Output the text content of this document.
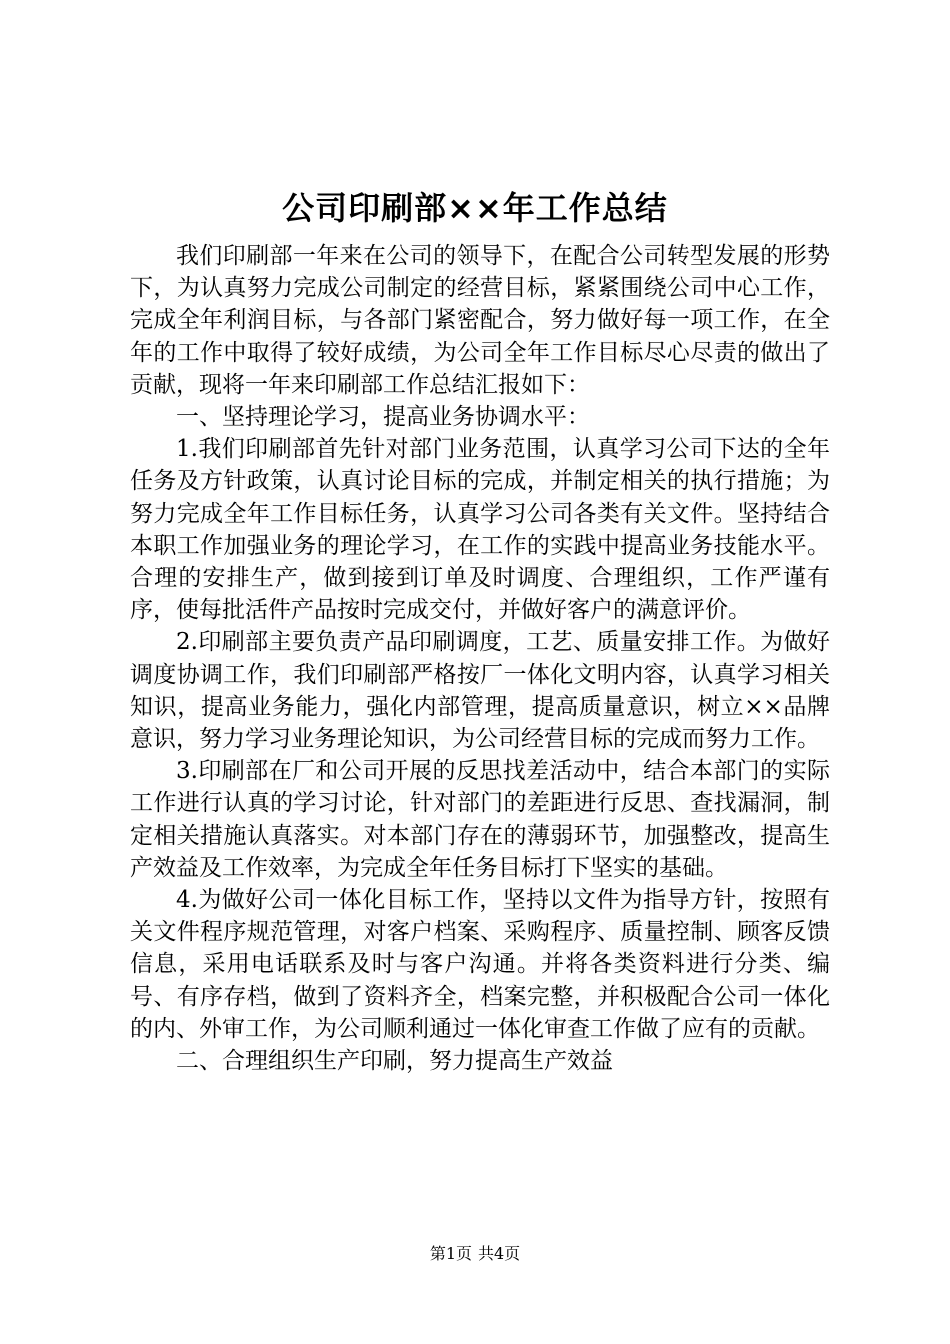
公司印刷部××年工作总结

我们印刷部一年来在公司的领导下，在配合公司转型发展的形势下，为认真努力完成公司制定的经营目标，紧紧围绕公司中心工作，完成全年利润目标，与各部门紧密配合，努力做好每一项工作，在全年的工作中取得了较好成绩，为公司全年工作目标尽心尽责的做出了贡献，现将一年来印刷部工作总结汇报如下：

一、坚持理论学习，提高业务协调水平：

1.我们印刷部首先针对部门业务范围，认真学习公司下达的全年任务及方针政策，认真讨论目标的完成，并制定相关的执行措施；为努力完成全年工作目标任务，认真学习公司各类有关文件。坚持结合本职工作加强业务的理论学习，在工作的实践中提高业务技能水平。合理的安排生产，做到接到订单及时调度、合理组织，工作严谨有序，使每批活件产品按时完成交付，并做好客户的满意评价。

2.印刷部主要负责产品印刷调度，工艺、质量安排工作。为做好调度协调工作，我们印刷部严格按厂一体化文明内容，认真学习相关知识，提高业务能力，强化内部管理，提高质量意识，树立××品牌意识，努力学习业务理论知识，为公司经营目标的完成而努力工作。

3.印刷部在厂和公司开展的反思找差活动中，结合本部门的实际工作进行认真的学习讨论，针对部门的差距进行反思、查找漏洞，制定相关措施认真落实。对本部门存在的薄弱环节，加强整改，提高生产效益及工作效率，为完成全年任务目标打下坚实的基础。

4.为做好公司一体化目标工作，坚持以文件为指导方针，按照有关文件程序规范管理，对客户档案、采购程序、质量控制、顾客反馈信息，采用电话联系及时与客户沟通。并将各类资料进行分类、编号、有序存档，做到了资料齐全，档案完整，并积极配合公司一体化的内、外审工作，为公司顺利通过一体化审查工作做了应有的贡献。

二、合理组织生产印刷，努力提高生产效益

第1页 共4页
